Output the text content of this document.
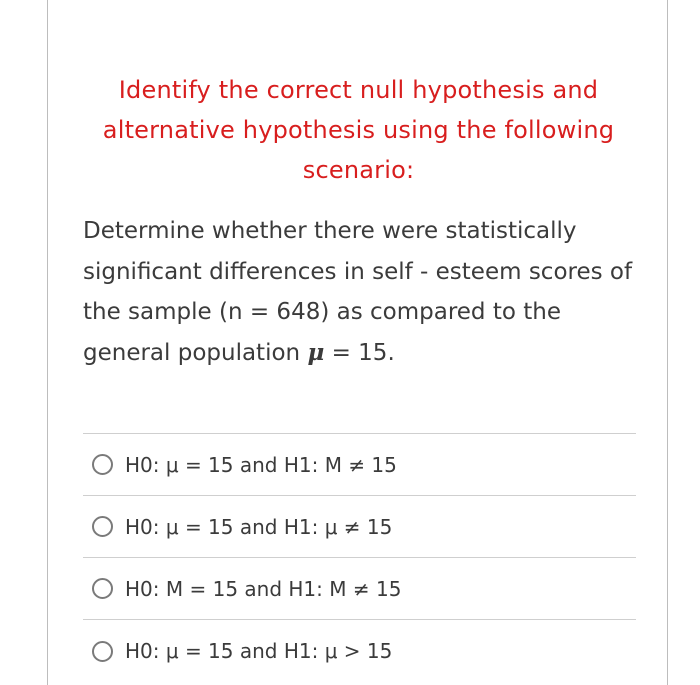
Identify the correct null hypothesis and
alternative hypothesis using the following
scenario:
Determine whether there were statistically
significant differences in self - esteem scores of
the sample (n = 648) as compared to the
general population μ = 15.
H0: μ = 15 and H1: M ≠ 15
H0: μ = 15 and H1: μ ≠ 15
H0: M = 15 and H1: M ≠ 15
H0: μ = 15 and H1: μ > 15
